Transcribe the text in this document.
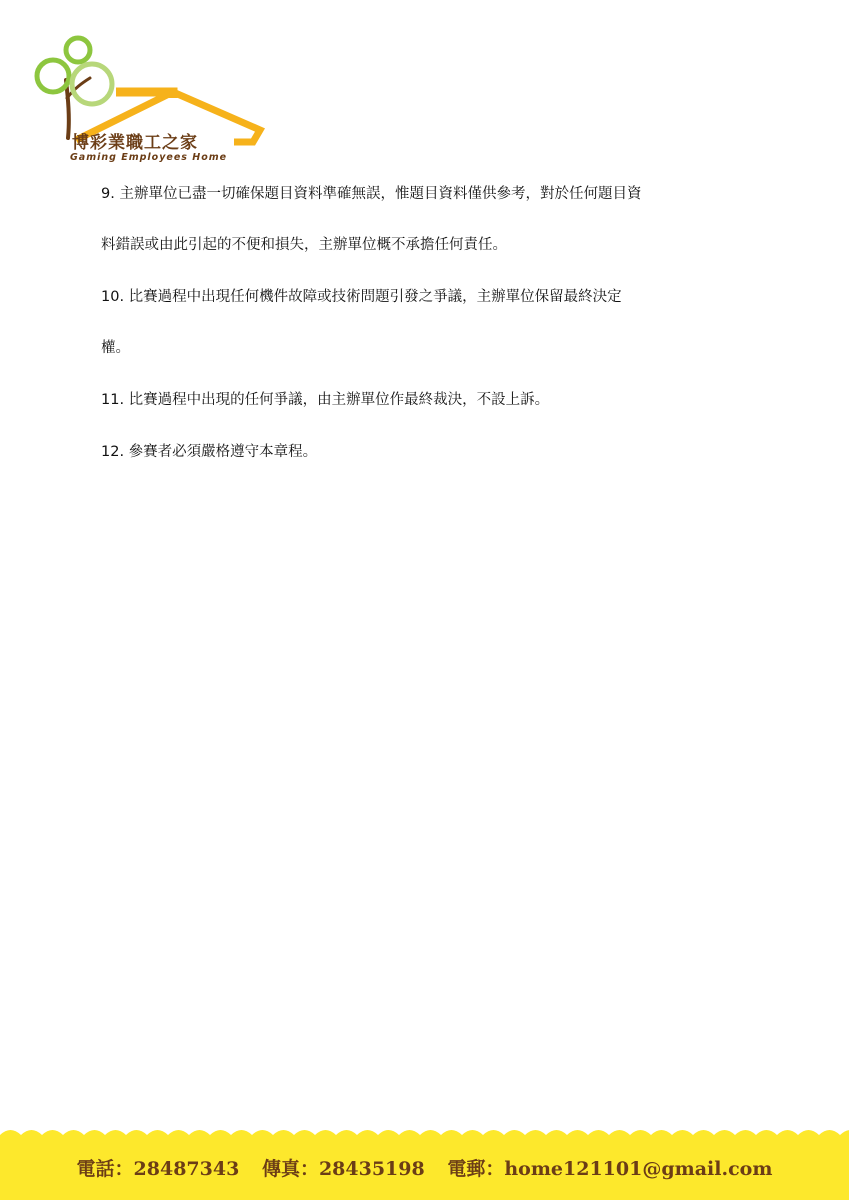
博彩業職工之家
Gaming Employees Home
9. 主辦單位已盡一切確保題目資料準確無誤，惟題目資料僅供參考，對於任何題目資
料錯誤或由此引起的不便和損失，主辦單位概不承擔任何責任。
10. 比賽過程中出現任何機件故障或技術問題引發之爭議，主辦單位保留最終決定
權。
11. 比賽過程中出現的任何爭議，由主辦單位作最終裁決，不設上訴。
12. 參賽者必須嚴格遵守本章程。
電話：28487343 傳真：28435198 電郵：home121101@gmail.com
